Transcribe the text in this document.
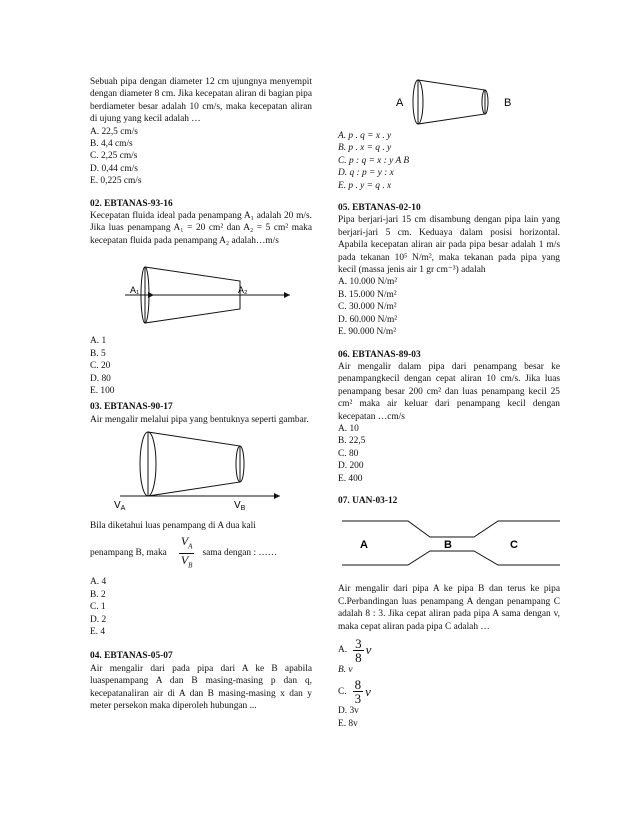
Sebuah pipa dengan diameter 12 cm ujungnya menyempit dengan diameter 8 cm. Jika kecepatan aliran di bagian pipa berdiameter besar adalah 10 cm/s, maka kecepatan aliran di ujung yang kecil adalah …

A. 22,5 cm/s
B. 4,4 cm/s
C. 2,25 cm/s
D. 0,44 cm/s
E. 0,225 cm/s
02. EBTANAS-93-16

Kecepatan fluida ideal pada penampang A₁ adalah 20 m/s. Jika luas penampang A₁ = 20 cm² dan A₂ = 5 cm² maka kecepatan fluida pada penampang A₂ adalah…m/s

A₁	A₂
A. 1
B. 5
C. 20
D. 80
E. 100
03. EBTANAS-90-17

Air mengalir melalui pipa yang bentuknya seperti gambar.

$V_A$	$V_B$

Bila diketahui luas penampang di A dua kali

penampang B, maka $\frac{V_A}{V_B}$ sama dengan : ……
A. 4
B. 2
C. 1
D. 2
E. 4
04. EBTANAS-05-07

Air mengalir dari pada pipa dari A ke B apabila luaspenampang A dan B masing-masing p dan q, kecepatanaliran air di A dan B masing-masing x dan y meter persekon maka diperoleh hubungan ...

A	B
A. p . q = x . y
B. p . x = q . y
C. p : q = x : y A B
D. q : p = y : x
E. p . y = q . x
05. EBTANAS-02-10

Pipa berjari-jari 15 cm disambung dengan pipa lain yang berjari-jari 5 cm. Keduaya dalam posisi horizontal. Apabila kecepatan aliran air pada pipa besar adalah 1 m/s pada tekanan 10⁵ N/m², maka tekanan pada pipa yang kecil (massa jenis air 1 gr cm⁻³) adalah

A. 10.000 N/m²
B. 15.000 N/m²
C. 30.000 N/m²
D. 60.000 N/m²
E. 90.000 N/m²
06. EBTANAS-89-03

Air mengalir dalam pipa dari penampang besar ke penampangkecil dengan cepat aliran 10 cm/s. Jika luas penampang besar 200 cm² dan luas penampang kecil 25 cm² maka air keluar dari penampang kecil dengan kecepatan …cm/s

A. 10
B. 22,5
C. 80
D. 200
E. 400
07. UAN-03-12
A	B	C

Air mengalir dari pipa A ke pipa B dan terus ke pipa C.Perbandingan luas penampang A dengan penampang C adalah 8 : 3. Jika cepat aliran pada pipa A sama dengan v, maka cepat aliran pada pipa C adalah …

A. $\frac{3}{8}$ v
B. v
C. $\frac{8}{3}$ v
D. 3v
E. 8v
